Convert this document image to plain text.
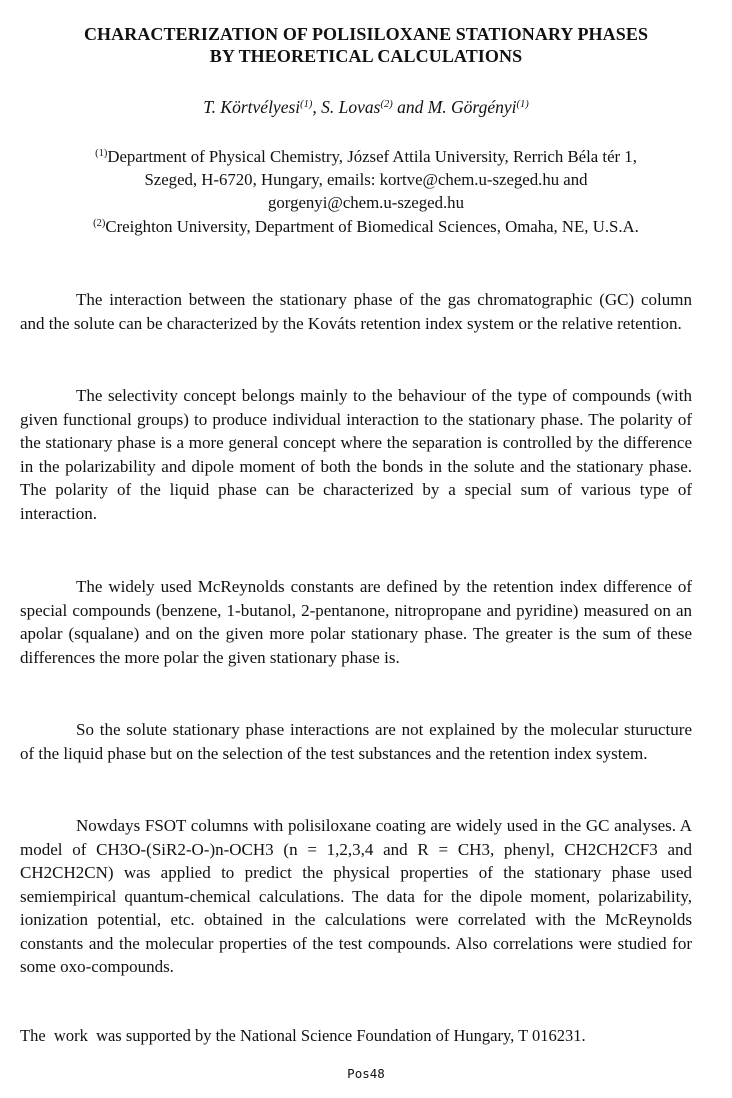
CHARACTERIZATION OF POLISILOXANE STATIONARY PHASES
BY THEORETICAL CALCULATIONS
T. Körtvélyesi$^{(1)}$, S. Lovas$^{(2)}$ and M. Görgényi$^{(1)}$
$^{(1)}$Department of Physical Chemistry, József Attila University, Rerrich Béla tér 1,
Szeged, H-6720, Hungary, emails: kortve@chem.u-szeged.hu and
gorgenyi@chem.u-szeged.hu
$^{(2)}$Creighton University, Department of Biomedical Sciences, Omaha, NE, U.S.A.

The interaction between the stationary phase of the gas chromatographic (GC) column and the solute can be characterized by the Kováts retention index system or the relative retention.

The selectivity concept belongs mainly to the behaviour of the type of compounds (with given functional groups) to produce individual interaction to the stationary phase. The polarity of the stationary phase is a more general concept where the separation is controlled by the difference in the polarizability and dipole moment of both the bonds in the solute and the stationary phase. The polarity of the liquid phase can be characterized by a special sum of various type of interaction.

The widely used McReynolds constants are defined by the retention index difference of special compounds (benzene, 1-butanol, 2-pentanone, nitropropane and pyridine) measured on an apolar (squalane) and on the given more polar stationary phase. The greater is the sum of these differences the more polar the given stationary phase is.

So the solute stationary phase interactions are not explained by the molecular sturucture of the liquid phase but on the selection of the test substances and the retention index system.

Nowdays FSOT columns with polisiloxane coating are widely used in the GC analyses. A model of CH3O-(SiR2-O-)n-OCH3 (n = 1,2,3,4 and R = CH3, phenyl, CH2CH2CF3 and CH2CH2CN) was applied to predict the physical properties of the stationary phase used semiempirical quantum-chemical calculations. The data for the dipole moment, polarizability, ionization potential, etc. obtained in the calculations were correlated with the McReynolds constants and the molecular properties of the test compounds. Also correlations were studied for some oxo-compounds.

The  work  was supported by the National Science Foundation of Hungary, T 016231.

Pos48
